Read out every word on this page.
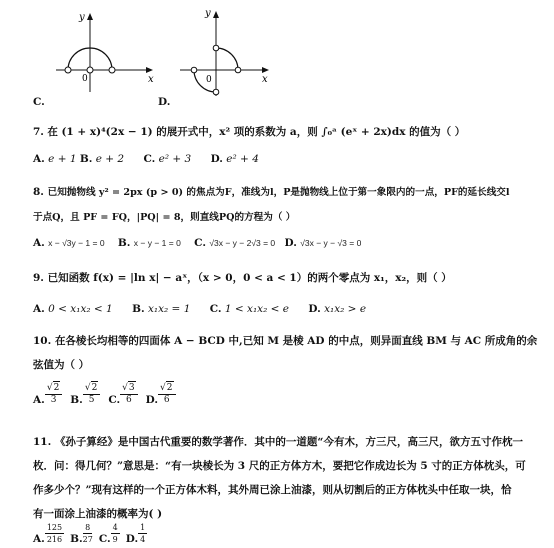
x
y
0
C.
x
y
0
D.
7. 在 (1 + x)⁴(2x − 1) 的展开式中，x² 项的系数为 a，则 ∫₀ᵃ (eˣ + 2x)dx 的值为（ ）
A. e + 1 B. e + 2 C. e² + 3 D. e² + 4
8. 已知抛物线 y² = 2px (p > 0) 的焦点为F，准线为l，P是抛物线上位于第一象限内的一点，PF的延长线交l
于点Q，且 PF = FQ，|PQ| = 8，则直线PQ的方程为（ ）
A. x − √3y − 1 = 0 B. x − y − 1 = 0 C. √3x − y − 2√3 = 0 D. √3x − y − √3 = 0
9. 已知函数 f(x) = |ln x| − aˣ，（x > 0，0 < a < 1）的两个零点为 x₁，x₂，则（ ）
A. 0 < x₁x₂ < 1 B. x₁x₂ = 1 C. 1 < x₁x₂ < e D. x₁x₂ > e
10. 在各棱长均相等的四面体 A − BCD 中,已知 M 是棱 AD 的中点，则异面直线 BM 与 AC 所成角的余
弦值为（ ）
A. $\frac{√2}{3} B$. $\frac{√2}{5} C$. $\frac{√3}{6} D$. $\frac{√2}{6}$
11. 《孙子算经》是中国古代重要的数学著作．其中的一道题“今有木，方三尺，高三尺，欲方五寸作枕一
枚．问：得几何？”意思是：“有一块棱长为 3 尺的正方体方木，要把它作成边长为 5 寸的正方体枕头，可
作多少个？”现有这样的一个正方体木料，其外周已涂上油漆，则从切割后的正方体枕头中任取一块，恰
有一面涂上油漆的概率为( )
A. $\frac{125}{216} B$. $\frac{8}{27} C$. $\frac{4}{9} D$. $\frac{1}{4}$
